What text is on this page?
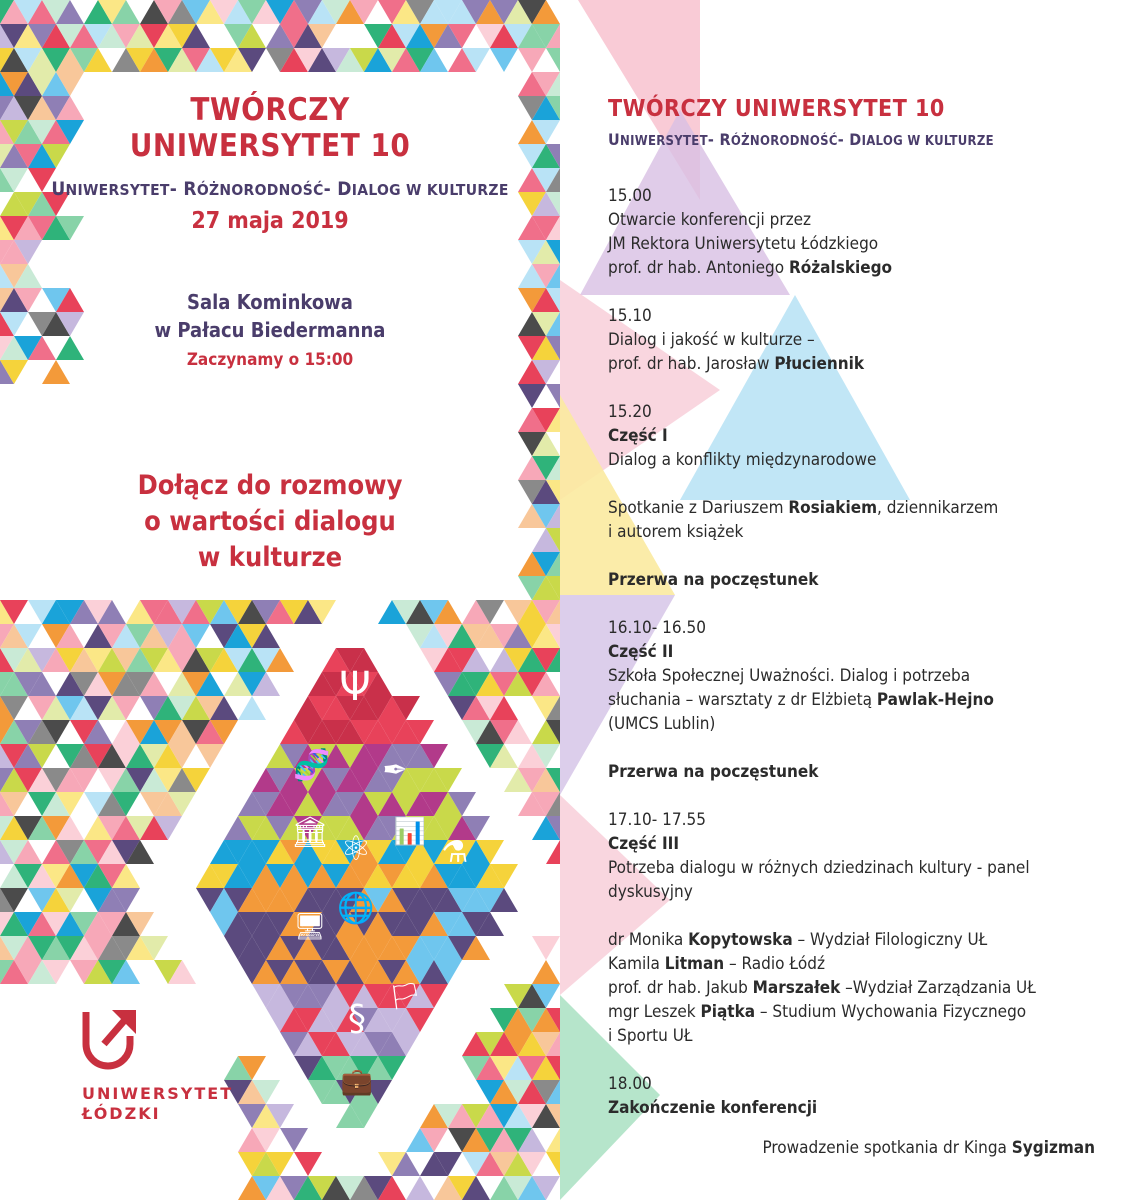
Ψ
🧬 ✒
🏛 ⚛ 📊
⚗
🖥
🌐
§
🏳
💼
TWÓRCZY
UNIWERSYTET 10
UNIWERSYTET- RÓŻNORODNOŚĆ- DIALOG W KULTURZE
27 maja 2019
Sala Kominkowa
w Pałacu Biedermanna
Zaczynamy o 15:00
Dołącz do rozmowy
o wartości dialogu
w kulturze
UNIWERSYTET
ŁÓDZKI
TWÓRCZY UNIWERSYTET 10
UNIWERSYTET- RÓŻNORODNOŚĆ- DIALOG W KULTURZE
15.00
Otwarcie konferencji przez
JM Rektora Uniwersytetu Łódzkiego
prof. dr hab. Antoniego Różalskiego
15.10
Dialog i jakość w kulturze –
prof. dr hab. Jarosław Płuciennik
15.20
Część I
Dialog a konflikty międzynarodowe
Spotkanie z Dariuszem Rosiakiem, dziennikarzem
i autorem książek
Przerwa na poczęstunek
16.10- 16.50
Część II
Szkoła Społecznej Uważności. Dialog i potrzeba
słuchania – warsztaty z dr Elżbietą Pawlak-Hejno
(UMCS Lublin)
Przerwa na poczęstunek
17.10- 17.55
Część III
Potrzeba dialogu w różnych dziedzinach kultury - panel
dyskusyjny
dr Monika Kopytowska – Wydział Filologiczny UŁ
Kamila Litman – Radio Łódź
prof. dr hab. Jakub Marszałek –Wydział Zarządzania UŁ
mgr Leszek Piątka – Studium Wychowania Fizycznego
i Sportu UŁ
18.00
Zakończenie konferencji
Prowadzenie spotkania dr Kinga Sygizman
